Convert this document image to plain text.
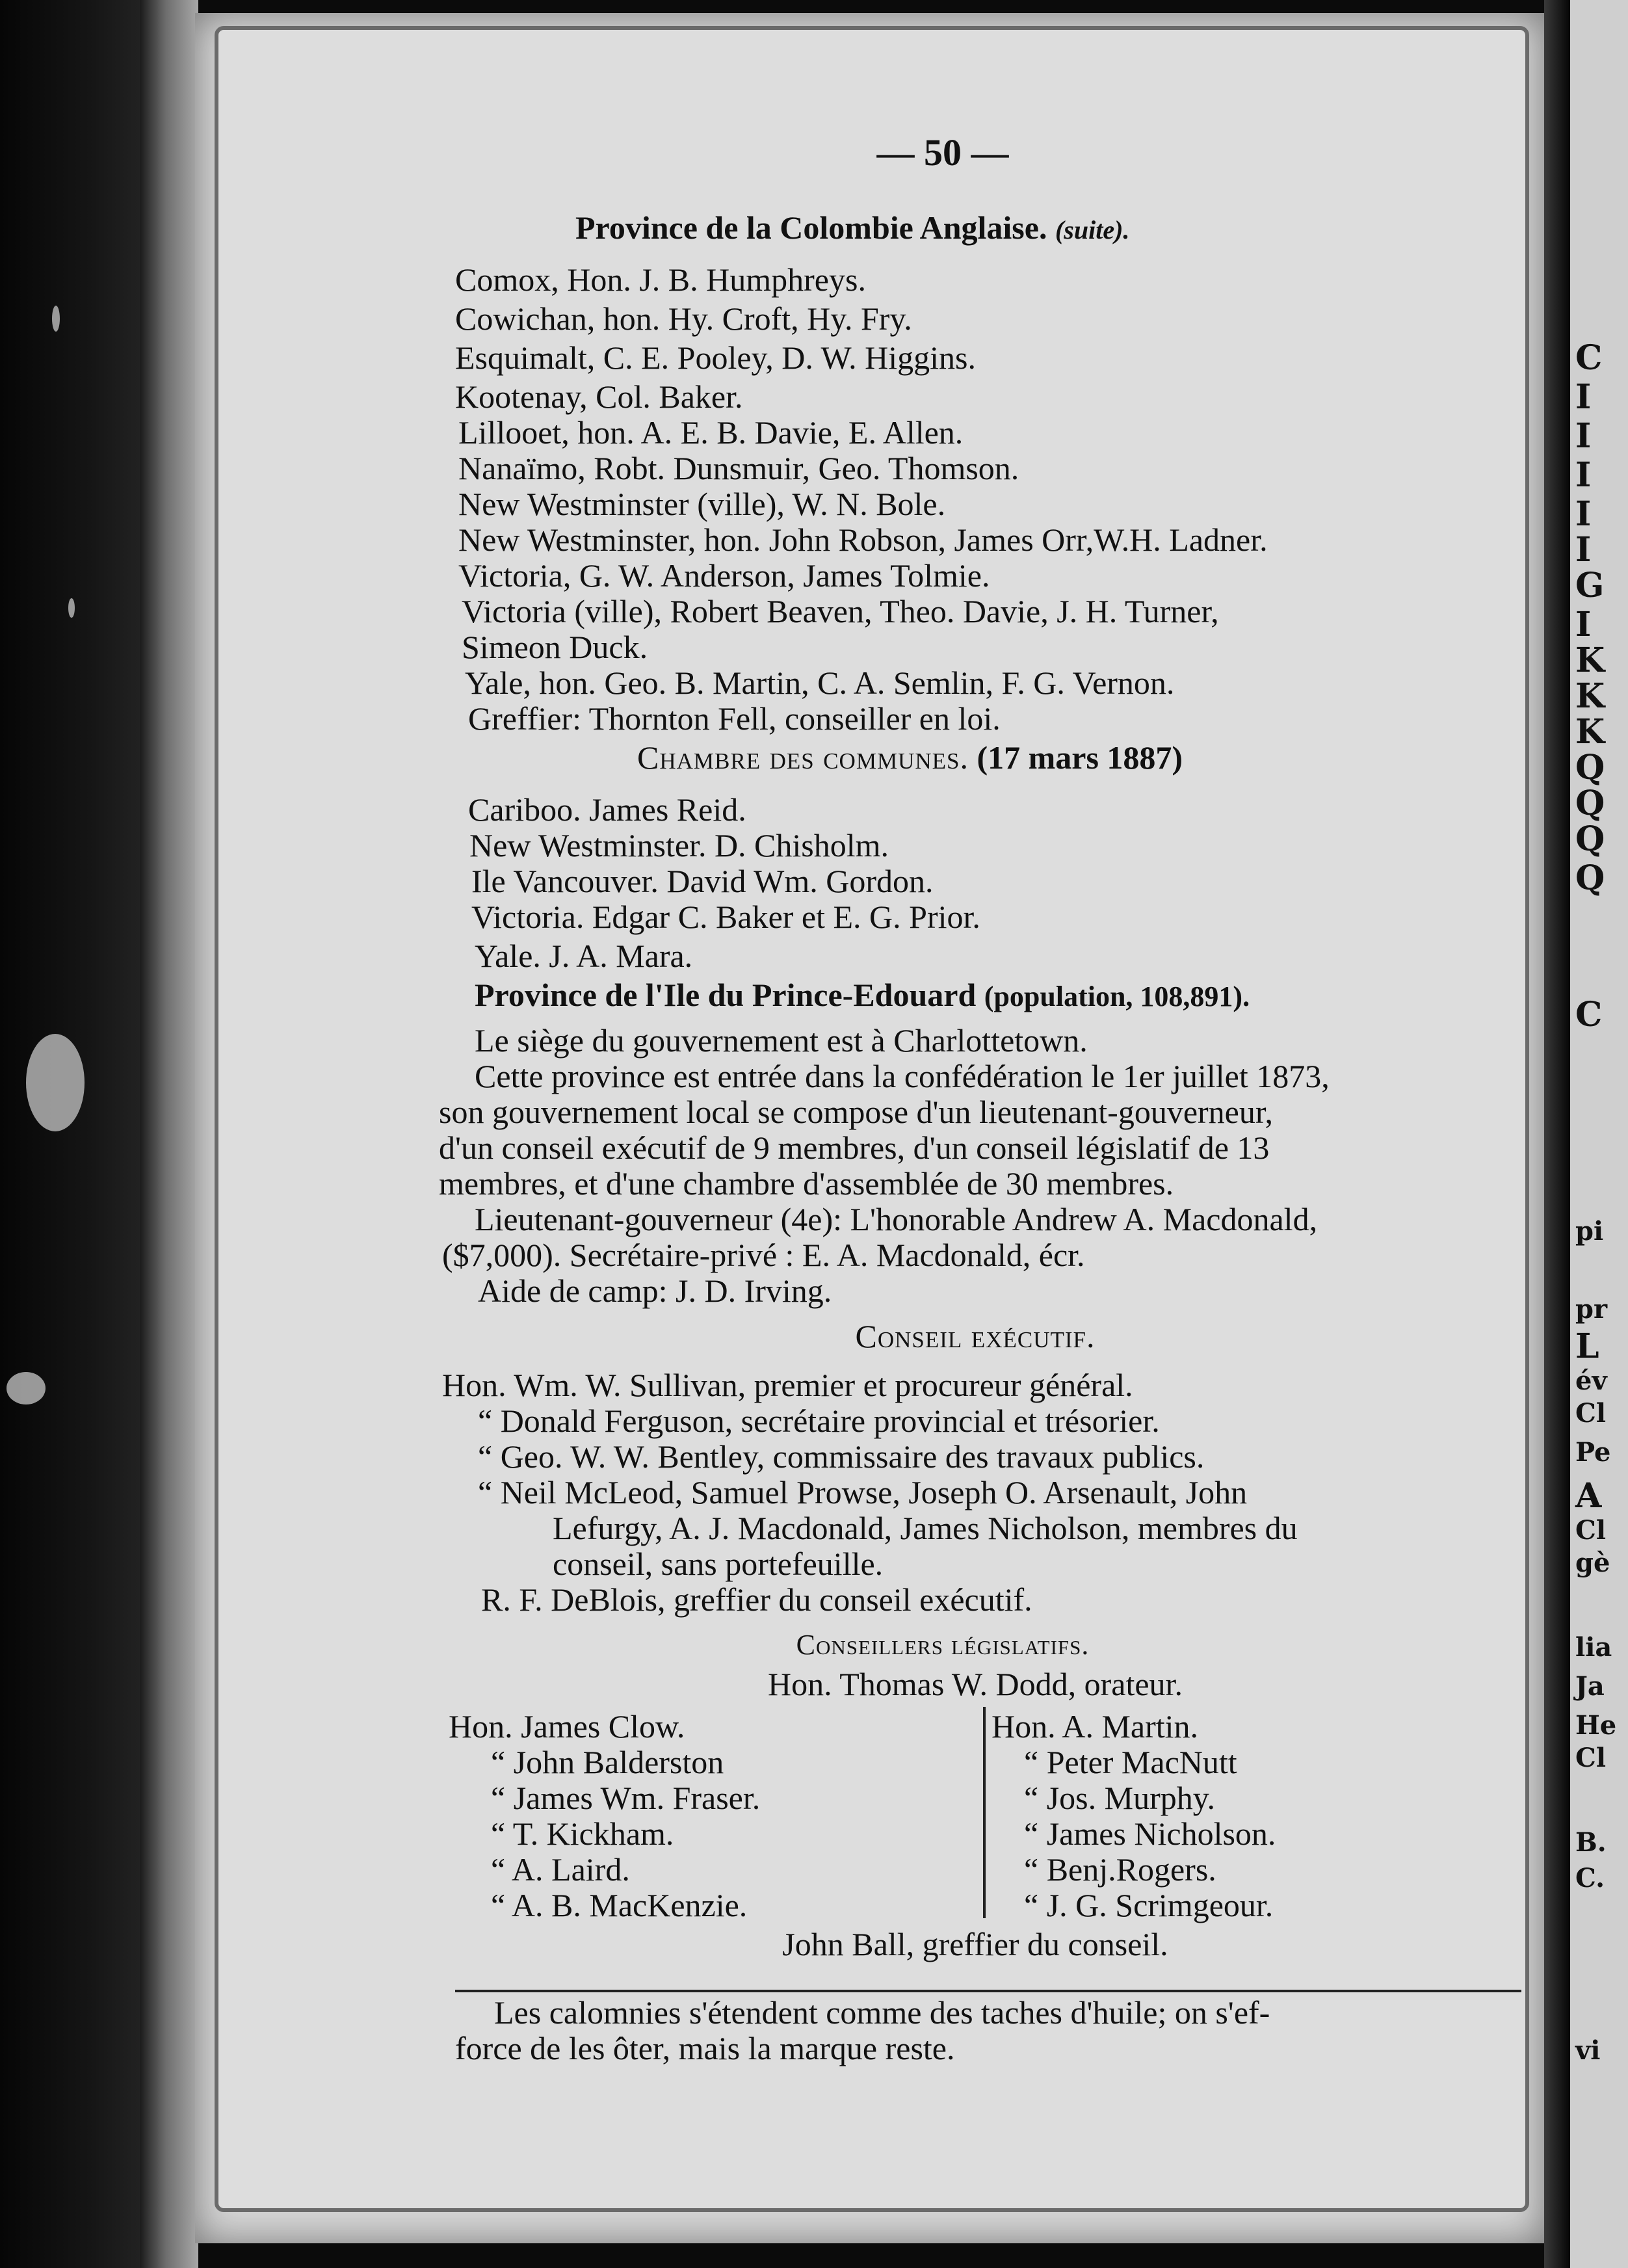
C
I
I
I
I
I
G
I
K
K
K
Q
Q
Q
Q
C
pi
pr
L
év
Cl
Pe
A
Cl
gè
lia
Ja
He
Cl
B.
C.
vi
— 50 —
Province de la Colombie Anglaise. (suite).
Comox, Hon. J. B. Humphreys.
Cowichan, hon. Hy. Croft, Hy. Fry.
Esquimalt, C. E. Pooley, D. W. Higgins.
Kootenay, Col. Baker.
Lillooet, hon. A. E. B. Davie, E. Allen.
Nanaïmo, Robt. Dunsmuir, Geo. Thomson.
New Westminster (ville), W. N. Bole.
New Westminster, hon. John Robson, James Orr,W.H. Ladner.
Victoria, G. W. Anderson, James Tolmie.
Victoria (ville), Robert Beaven, Theo. Davie, J. H. Turner,
Simeon Duck.
Yale, hon. Geo. B. Martin, C. A. Semlin, F. G. Vernon.
Greffier: Thornton Fell, conseiller en loi.
Chambre des communes. (17 mars 1887)
Cariboo. James Reid.
New Westminster. D. Chisholm.
Ile Vancouver. David Wm. Gordon.
Victoria. Edgar C. Baker et E. G. Prior.
Yale. J. A. Mara.
Province de l'Ile du Prince-Edouard (population, 108,891).
Le siège du gouvernement est à Charlottetown.
Cette province est entrée dans la confédération le 1er juillet 1873,
son gouvernement local se compose d'un lieutenant-gouverneur,
d'un conseil exécutif de 9 membres, d'un conseil législatif de 13
membres, et d'une chambre d'assemblée de 30 membres.
Lieutenant-gouverneur (4e): L'honorable Andrew A. Macdonald,
($7,000). Secrétaire-privé : E. A. Macdonald, écr.
Aide de camp: J. D. Irving.
Conseil exécutif.
Hon. Wm. W. Sullivan, premier et procureur général.
“ Donald Ferguson, secrétaire provincial et trésorier.
“ Geo. W. W. Bentley, commissaire des travaux publics.
“ Neil McLeod, Samuel Prowse, Joseph O. Arsenault, John
Lefurgy, A. J. Macdonald, James Nicholson, membres du
conseil, sans portefeuille.
R. F. DeBlois, greffier du conseil exécutif.
Conseillers législatifs.
Hon. Thomas W. Dodd, orateur.
Hon. James Clow.
“ John Balderston
“ James Wm. Fraser.
“ T. Kickham.
“ A. Laird.
“ A. B. MacKenzie.
Hon. A. Martin.
“ Peter MacNutt
“ Jos. Murphy.
“ James Nicholson.
“ Benj.Rogers.
“ J. G. Scrimgeour.
John Ball, greffier du conseil.
Les calomnies s'étendent comme des taches d'huile; on s'ef-
force de les ôter, mais la marque reste.
